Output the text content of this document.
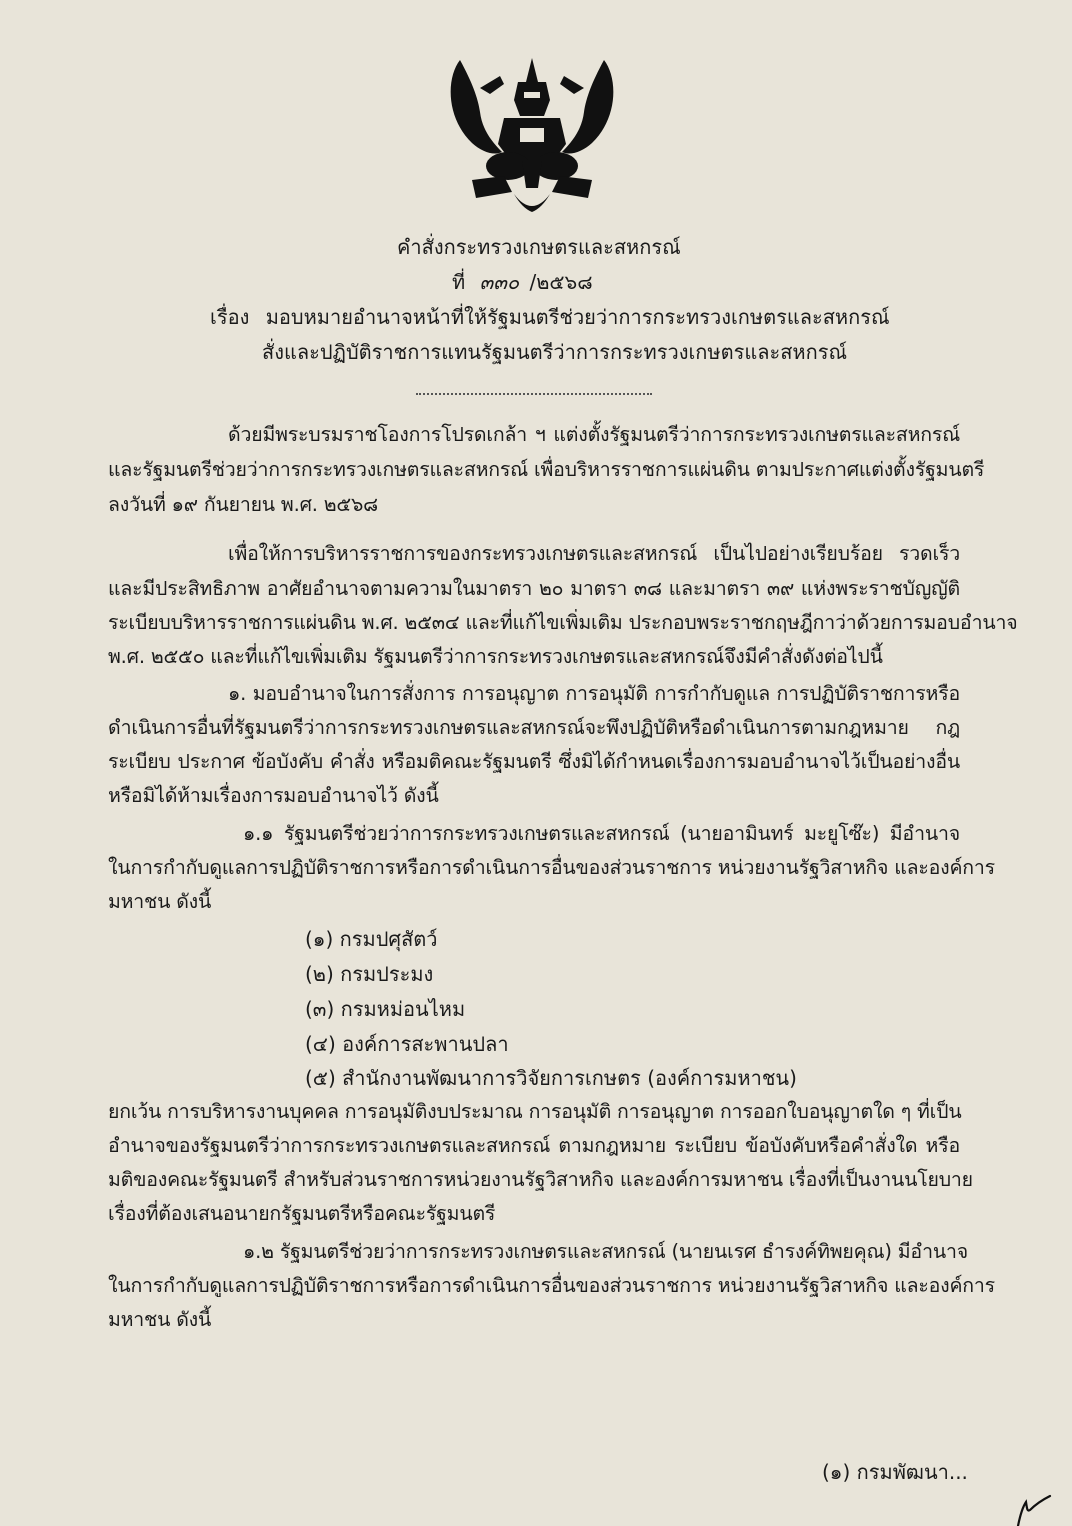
คำสั่งกระทรวงเกษตรและสหกรณ์
ที่ ๓๓๐ /๒๕๖๘
เรื่อง มอบหมายอำนาจหน้าที่ให้รัฐมนตรีช่วยว่าการกระทรวงเกษตรและสหกรณ์
สั่งและปฏิบัติราชการแทนรัฐมนตรีว่าการกระทรวงเกษตรและสหกรณ์
ด้วยมีพระบรมราชโองการโปรดเกล้า ฯ แต่งตั้งรัฐมนตรีว่าการกระทรวงเกษตรและสหกรณ์
และรัฐมนตรีช่วยว่าการกระทรวงเกษตรและสหกรณ์ เพื่อบริหารราชการแผ่นดิน ตามประกาศแต่งตั้งรัฐมนตรี
ลงวันที่ ๑๙ กันยายน พ.ศ. ๒๕๖๘
เพื่อให้การบริหารราชการของกระทรวงเกษตรและสหกรณ์ เป็นไปอย่างเรียบร้อย รวดเร็ว
และมีประสิทธิภาพ อาศัยอำนาจตามความในมาตรา ๒๐ มาตรา ๓๘ และมาตรา ๓๙ แห่งพระราชบัญญัติ
ระเบียบบริหารราชการแผ่นดิน พ.ศ. ๒๕๓๔ และที่แก้ไขเพิ่มเติม ประกอบพระราชกฤษฎีกาว่าด้วยการมอบอำนาจ
พ.ศ. ๒๕๕๐ และที่แก้ไขเพิ่มเติม รัฐมนตรีว่าการกระทรวงเกษตรและสหกรณ์จึงมีคำสั่งดังต่อไปนี้
๑. มอบอำนาจในการสั่งการ การอนุญาต การอนุมัติ การกำกับดูแล การปฏิบัติราชการหรือ
ดำเนินการอื่นที่รัฐมนตรีว่าการกระทรวงเกษตรและสหกรณ์จะพึงปฏิบัติหรือดำเนินการตามกฎหมาย กฎ
ระเบียบ ประกาศ ข้อบังคับ คำสั่ง หรือมติคณะรัฐมนตรี ซึ่งมิได้กำหนดเรื่องการมอบอำนาจไว้เป็นอย่างอื่น
หรือมิได้ห้ามเรื่องการมอบอำนาจไว้ ดังนี้
๑.๑ รัฐมนตรีช่วยว่าการกระทรวงเกษตรและสหกรณ์ (นายอามินทร์ มะยูโซ๊ะ) มีอำนาจ
ในการกำกับดูแลการปฏิบัติราชการหรือการดำเนินการอื่นของส่วนราชการ หน่วยงานรัฐวิสาหกิจ และองค์การ
มหาชน ดังนี้
(๑) กรมปศุสัตว์
(๒) กรมประมง
(๓) กรมหม่อนไหม
(๔) องค์การสะพานปลา
(๕) สำนักงานพัฒนาการวิจัยการเกษตร (องค์การมหาชน)
ยกเว้น การบริหารงานบุคคล การอนุมัติงบประมาณ การอนุมัติ การอนุญาต การออกใบอนุญาตใด ๆ ที่เป็น
อำนาจของรัฐมนตรีว่าการกระทรวงเกษตรและสหกรณ์ ตามกฎหมาย ระเบียบ ข้อบังคับหรือคำสั่งใด หรือ
มติของคณะรัฐมนตรี สำหรับส่วนราชการหน่วยงานรัฐวิสาหกิจ และองค์การมหาชน เรื่องที่เป็นงานนโยบาย
เรื่องที่ต้องเสนอนายกรัฐมนตรีหรือคณะรัฐมนตรี
๑.๒ รัฐมนตรีช่วยว่าการกระทรวงเกษตรและสหกรณ์ (นายนเรศ ธำรงค์ทิพยคุณ) มีอำนาจ
ในการกำกับดูแลการปฏิบัติราชการหรือการดำเนินการอื่นของส่วนราชการ หน่วยงานรัฐวิสาหกิจ และองค์การ
มหาชน ดังนี้
(๑) กรมพัฒนา...
